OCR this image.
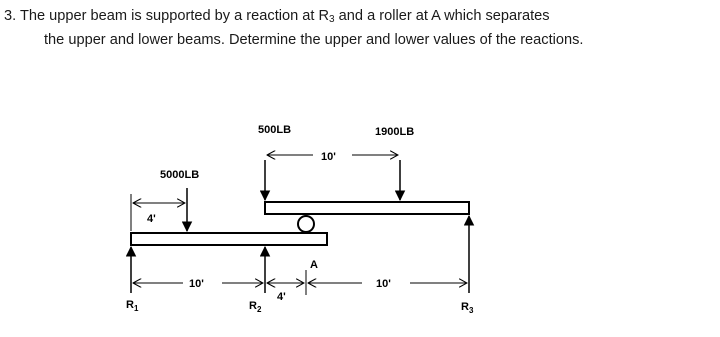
3. The upper beam is supported by a reaction at $R_3$ and a roller at A which separates
the upper and lower beams. Determine the upper and lower values of the reactions.
4'
10'
10'
4'
10'
500LB	1900LB
5000LB
A
$R_1$	$R_2$	$R_3$
